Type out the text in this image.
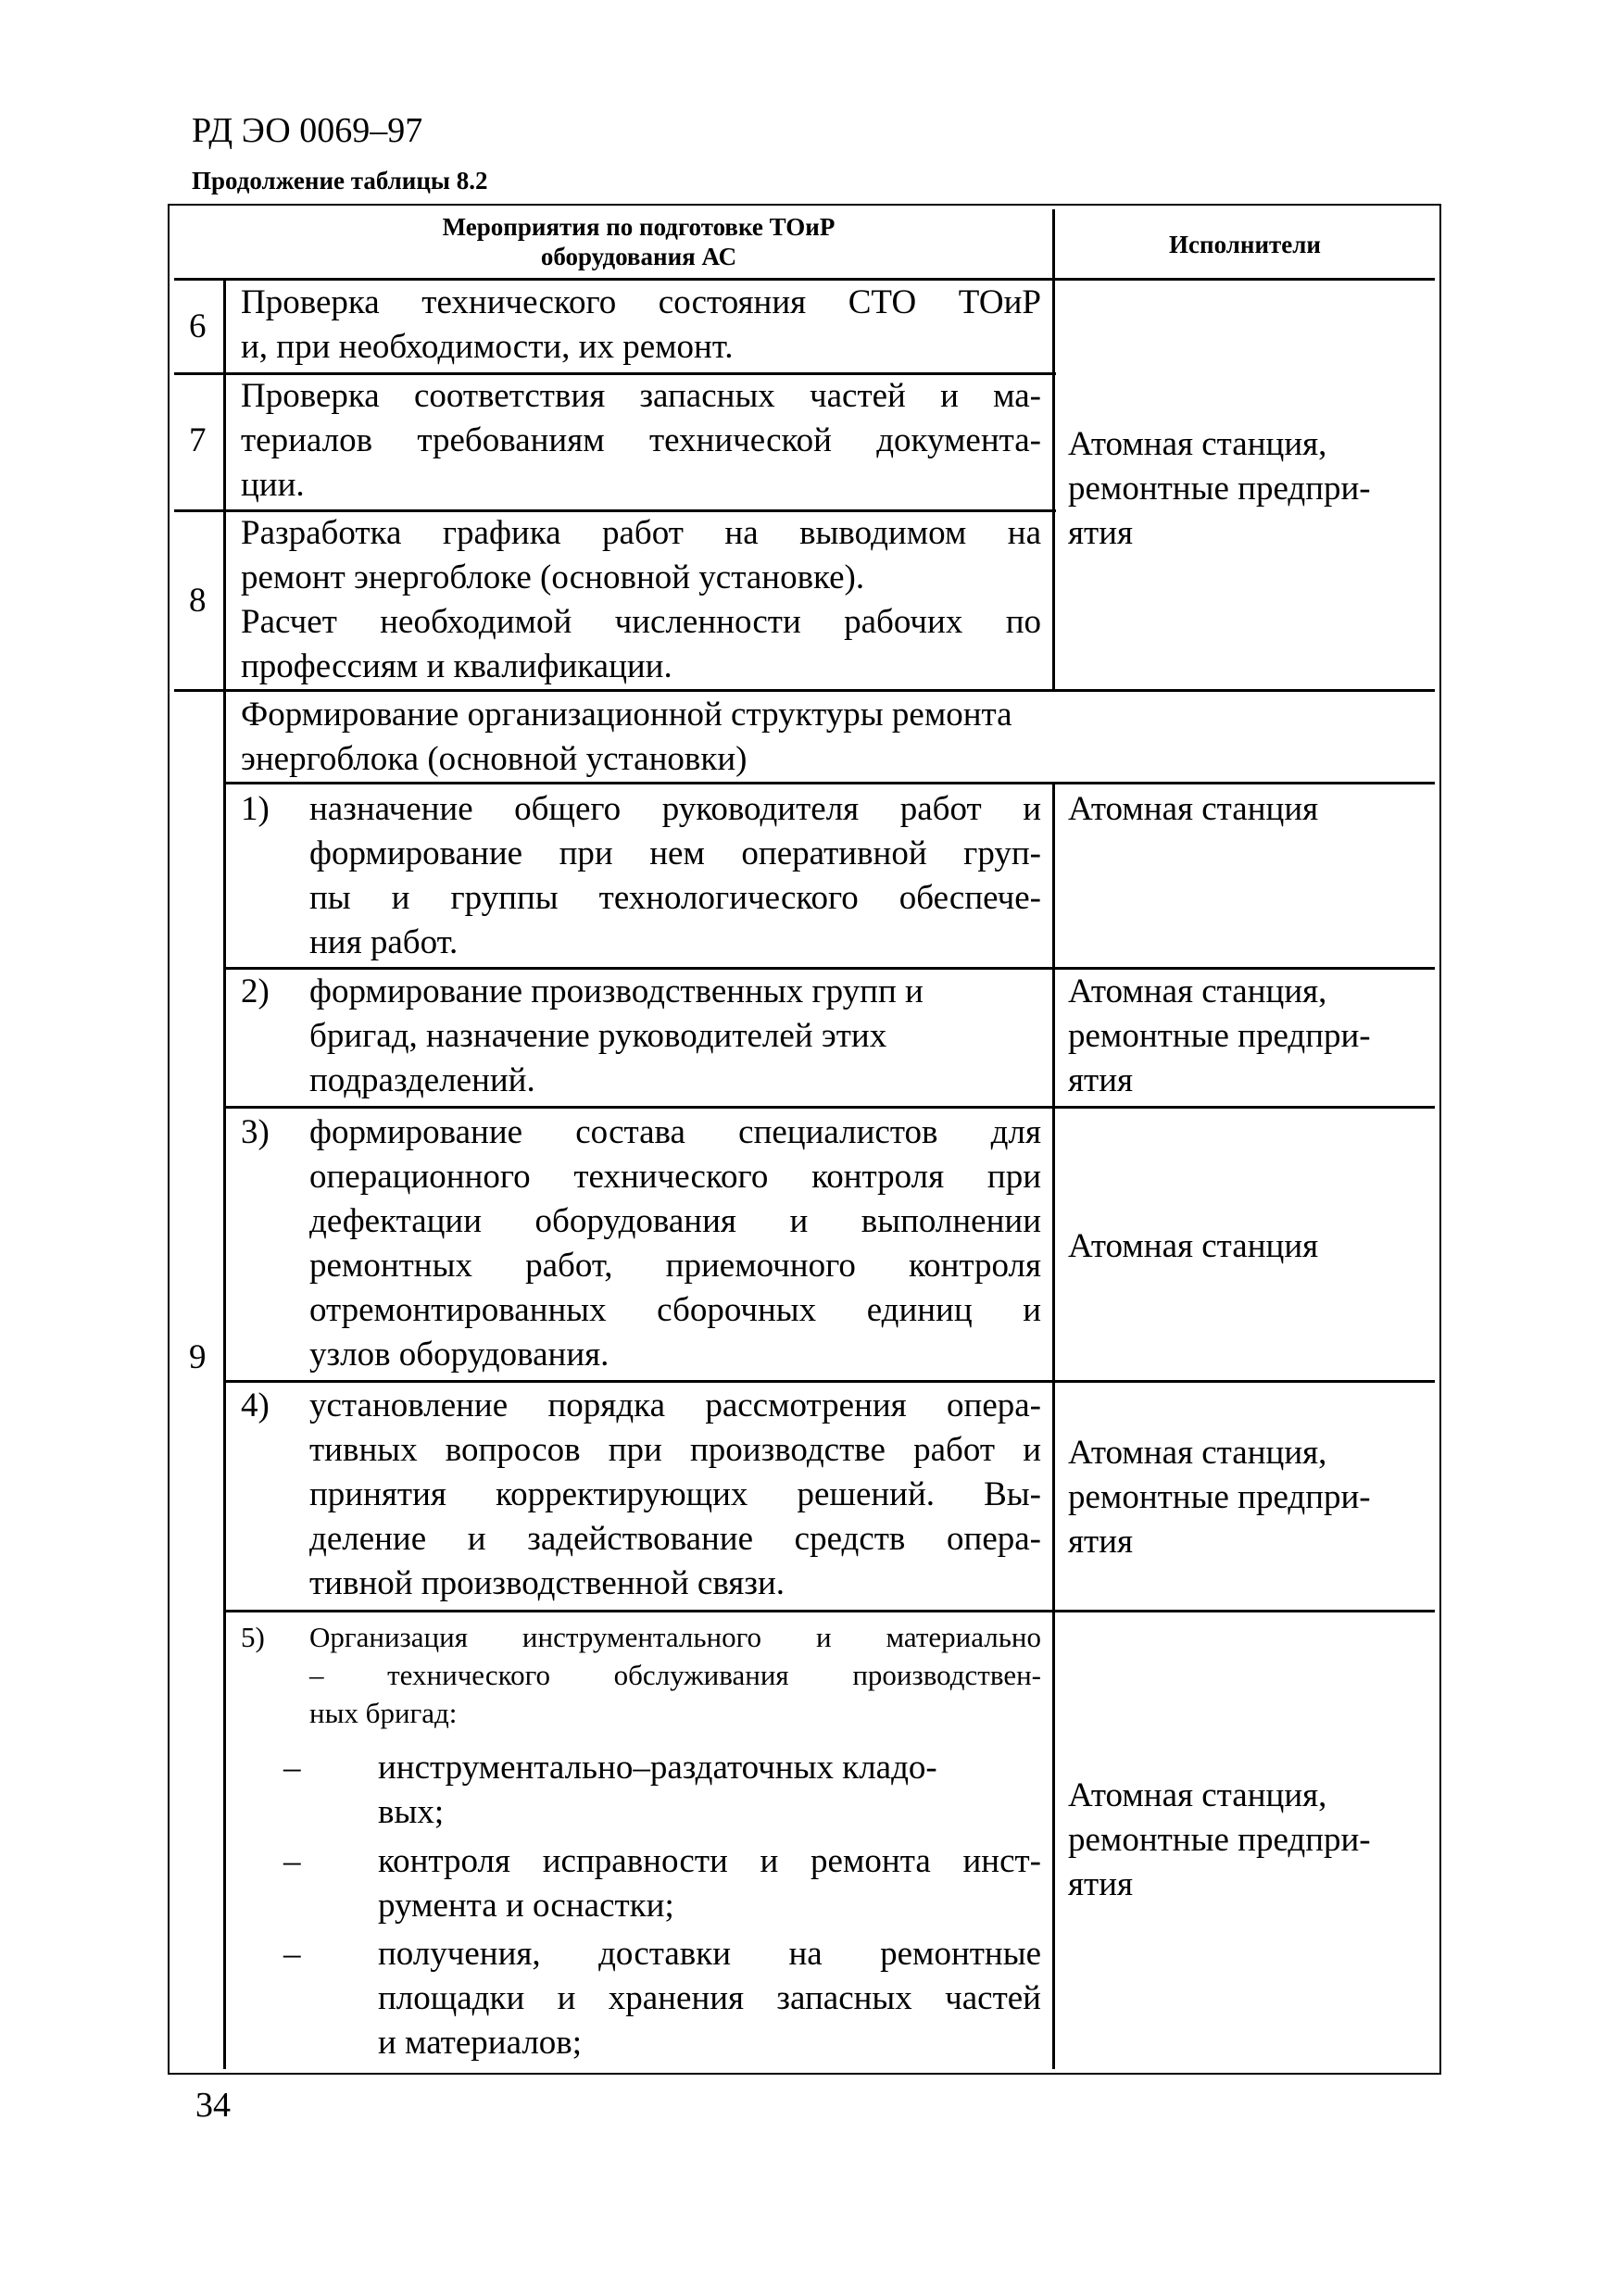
РД ЭО 0069–97
Продолжение таблицы 8.2
Мероприятия по подготовке ТОиР
оборудования АС	Исполнители
6
7
8
9
Проверка технического состояния СТО ТОиР
и, при необходимости, их ремонт.
Проверка соответствия запасных частей и ма-
териалов требованиям технической документа-
ции.
Разработка графика работ на выводимом на
ремонт энергоблоке (основной установке).
Расчет необходимой численности рабочих по
профессиям и квалификации.
Атомная станция,
ремонтные предпри-
ятия
Формирование организационной структуры ремонта
энергоблока (основной установки)
1) назначение общего руководителя работ и
формирование при нем оперативной груп-
пы и группы технологического обеспече-
ния работ.
Атомная станция
2) формирование производственных групп и
бригад, назначение руководителей этих
подразделений.
Атомная станция,
ремонтные предпри-
ятия
3) формирование состава специалистов для
операционного технического контроля при
дефектации оборудования и выполнении
ремонтных работ, приемочного контроля
отремонтированных сборочных единиц и
узлов оборудования.
Атомная станция
4) установление порядка рассмотрения опера-
тивных вопросов при производстве работ и
принятия корректирующих решений. Вы-
деление и задействование средств опера-
тивной производственной связи.
Атомная станция,
ремонтные предпри-
ятия
5) Организация инструментального и материально
– технического обслуживания производствен-
ных бригад:
– инструментально–раздаточных кладо-
вых;
– контроля исправности и ремонта инст-
румента и оснастки;
– получения, доставки на ремонтные
площадки и хранения запасных частей
и материалов;
Атомная станция,
ремонтные предпри-
ятия
34
